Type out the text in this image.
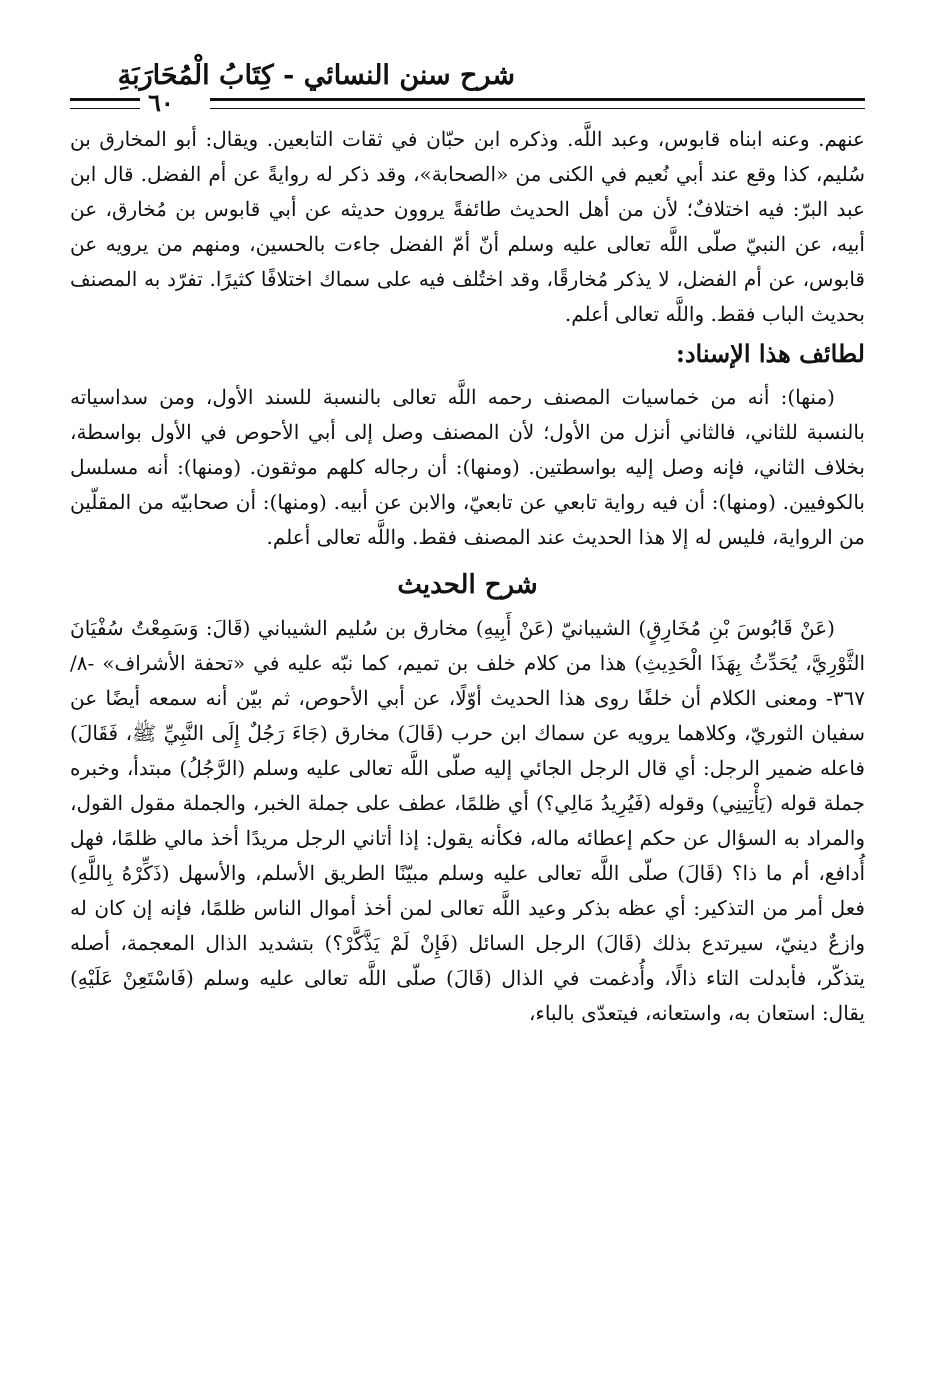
شرح سنن النسائي - كِتَابُ الْمُحَارَبَةِ
٦٠

عنهم. وعنه ابناه قابوس، وعبد اللَّه. وذكره ابن حبّان في ثقات التابعين. ويقال: أبو المخارق بن سُليم، كذا وقع عند أبي نُعيم في الكنى من «الصحابة»، وقد ذكر له روايةً عن أم الفضل. قال ابن عبد البرّ: فيه اختلافٌ؛ لأن من أهل الحديث طائفةً يروون حديثه عن أبي قابوس بن مُخارق، عن أبيه، عن النبيّ صلّى اللَّه تعالى عليه وسلم أنّ أمّ الفضل جاءت بالحسين، ومنهم من يرويه عن قابوس، عن أم الفضل، لا يذكر مُخارقًا، وقد اختُلف فيه على سماك اختلافًا كثيرًا. تفرّد به المصنف بحديث الباب فقط. واللَّه تعالى أعلم.

لطائف هذا الإسناد:

(منها): أنه من خماسيات المصنف رحمه اللَّه تعالى بالنسبة للسند الأول، ومن سداسياته بالنسبة للثاني، فالثاني أنزل من الأول؛ لأن المصنف وصل إلى أبي الأحوص في الأول بواسطة، بخلاف الثاني، فإنه وصل إليه بواسطتين. (ومنها): أن رجاله كلهم موثقون. (ومنها): أنه مسلسل بالكوفيين. (ومنها): أن فيه رواية تابعي عن تابعيّ، والابن عن أبيه. (ومنها): أن صحابيّه من المقلّين من الرواية، فليس له إلا هذا الحديث عند المصنف فقط. واللَّه تعالى أعلم.

شرح الحديث

(عَنْ قَابُوسَ بْنِ مُخَارِقٍ) الشيبانيّ (عَنْ أَبِيهِ) مخارق بن سُليم الشيباني (قَالَ: وَسَمِعْتُ سُفْيَانَ الثَّوْرِيَّ، يُحَدِّثُ بِهَذَا الْحَدِيثِ) هذا من كلام خلف بن تميم، كما نبّه عليه في «تحفة الأشراف» -٨/ ٣٦٧- ومعنى الكلام أن خلفًا روى هذا الحديث أوّلًا، عن أبي الأحوص، ثم بيّن أنه سمعه أيضًا عن سفيان الثوريّ، وكلاهما يرويه عن سماك ابن حرب (قَالَ) مخارق (جَاءَ رَجُلٌ إِلَى النَّبِيِّ ﷺ، فَقَالَ) فاعله ضمير الرجل: أي قال الرجل الجائي إليه صلّى اللَّه تعالى عليه وسلم (الرَّجُلُ) مبتدأ، وخبره جملة قوله (يَأْتِينِي) وقوله (فَيُرِيدُ مَالِي؟) أي ظلمًا، عطف على جملة الخبر، والجملة مقول القول، والمراد به السؤال عن حكم إعطائه ماله، فكأنه يقول: إذا أتاني الرجل مريدًا أخذ مالي ظلمًا، فهل أُدافع، أم ما ذا؟ (قَالَ) صلّى اللَّه تعالى عليه وسلم مبيّنًا الطريق الأسلم، والأسهل (ذَكِّرْهُ بِاللَّهِ) فعل أمر من التذكير: أي عظه بذكر وعيد اللَّه تعالى لمن أخذ أموال الناس ظلمًا، فإنه إن كان له وازعٌ دينيّ، سيرتدع بذلك (قَالَ) الرجل السائل (فَإِنْ لَمْ يَذَّكَّرْ؟) بتشديد الذال المعجمة، أصله يتذكّر، فأبدلت التاء ذالًا، وأُدغمت في الذال (قَالَ) صلّى اللَّه تعالى عليه وسلم (فَاسْتَعِنْ عَلَيْهِ) يقال: استعان به، واستعانه، فيتعدّى بالباء،
